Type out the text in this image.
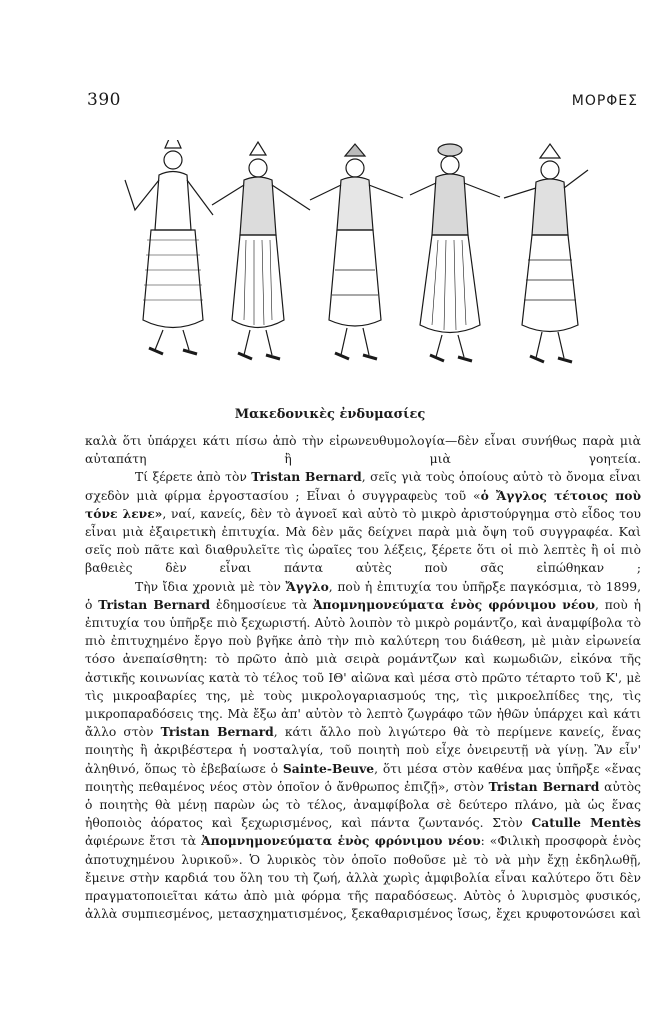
390	ΜΟΡΦΕΣ
Μακεδονικὲς ἐνδυμασίες

καλὰ ὅτι ὑπάρχει κάτι πίσω ἀπὸ τὴν εἰρωνευθυμολογία—δὲν εἶναι συνήθως παρὰ μιὰ αὐταπάτη ἢ μιὰ γοητεία.

Τί ξέρετε ἀπὸ τὸν Tristan Bernard, σεῖς γιὰ τοὺς ὁποίους αὐτὸ τὸ ὄνομα εἶναι σχεδὸν μιὰ φίρμα ἐργοστασίου ; Εἶναι ὁ συγγραφεὺς τοῦ «ὁ Ἄγγλος τέτοιος ποὺ τόνε λενε», ναί, κανείς, δὲν τὸ ἀγνοεῖ καὶ αὐτὸ τὸ μικρὸ ἀριστούργημα στὸ εἶδος του εἶναι μιὰ ἐξαιρετικὴ ἐπιτυχία. Μὰ δὲν μᾶς δείχνει παρὰ μιὰ ὄψη τοῦ συγγραφέα. Καὶ σεῖς ποὺ πᾶτε καὶ διαθρυλεῖτε τὶς ὡραῖες του λέξεις, ξέρετε ὅτι οἱ πιὸ λεπτὲς ἢ οἱ πιὸ βαθειὲς δὲν εἶναι πάντα αὐτὲς ποὺ σᾶς εἰπώθηκαν ;

Τὴν ἴδια χρονιὰ μὲ τὸν Ἄγγλο, ποὺ ἡ ἐπιτυχία του ὑπῆρξε παγκόσμια, τὸ 1899, ὁ Tristan Bernard ἐδημοσίευε τὰ Ἀπομνημονεύματα ἑνὸς φρόνιμου νέου, ποὺ ἡ ἐπιτυχία του ὑπῆρξε πιὸ ξεχωριστή. Αὐτὸ λοιπὸν τὸ μικρὸ ρομάντζο, καὶ ἀναμφίβολα τὸ πιὸ ἐπιτυχημένο ἔργο ποὺ βγῆκε ἀπὸ τὴν πιὸ καλύτερη του διάθεση, μὲ μιὰν εἰρωνεία τόσο ἀνεπαίσθητη: τὸ πρῶτο ἀπὸ μιὰ σειρὰ ρομάντζων καὶ κωμωδιῶν, εἰκόνα τῆς ἀστικῆς κοινωνίας κατὰ τὸ τέλος τοῦ ΙΘ' αἰῶνα καὶ μέσα στὸ πρῶτο τέταρτο τοῦ Κ', μὲ τὶς μικροαβαρίες της, μὲ τοὺς μικρολογαριασμούς της, τὶς μικροελπίδες της, τὶς μικροπαραδόσεις της. Μὰ ἔξω ἀπ' αὐτὸν τὸ λεπτὸ ζωγράφο τῶν ἠθῶν ὑπάρχει καὶ κάτι ἄλλο στὸν Tristan Bernard, κάτι ἄλλο ποὺ λιγώτερο θὰ τὸ περίμενε κανείς, ἕνας ποιητὴς ἢ ἀκριβέστερα ἡ νοσταλγία, τοῦ ποιητὴ ποὺ εἶχε ὀνειρευτῇ νὰ γίνῃ. Ἂν εἶν' ἀληθινό, ὅπως τὸ ἐβεβαίωσε ὁ Sainte-Beuve, ὅτι μέσα στὸν καθένα μας ὑπῆρξε «ἕνας ποιητὴς πεθαμένος νέος στὸν ὁποῖον ὁ ἄνθρωπος ἐπιζῇ», στὸν Tristan Bernard αὐτὸς ὁ ποιητὴς θὰ μένῃ παρὼν ὡς τὸ τέλος, ἀναμφίβολα σὲ δεύτερο πλάνο, μὰ ὡς ἕνας ἠθοποιὸς ἀόρατος καὶ ξεχωρισμένος, καὶ πάντα ζωντανός. Στὸν Catulle Mentès ἀφιέρωνε ἔτσι τὰ Ἀπομνημονεύματα ἑνὸς φρόνιμου νέου: «Φιλικὴ προσφορὰ ἑνὸς ἀποτυχημένου λυρικοῦ». Ὁ λυρικὸς τὸν ὁποῖο ποθοῦσε μὲ τὸ νὰ μὴν ἔχῃ ἐκδηλωθῇ, ἔμεινε στὴν καρδιά του ὅλη του τὴ ζωή, ἀλλὰ χωρὶς ἀμφιβολία εἶναι καλύτερο ὅτι δὲν πραγματοποιεῖται κάτω ἀπὸ μιὰ φόρμα τῆς παραδόσεως. Αὐτὸς ὁ λυρισμὸς φυσικός, ἀλλὰ συμπιεσμένος, μετασχηματισμένος, ξεκαθαρισμένος ἴσως, ἔχει κρυφοτονώσει καὶ
